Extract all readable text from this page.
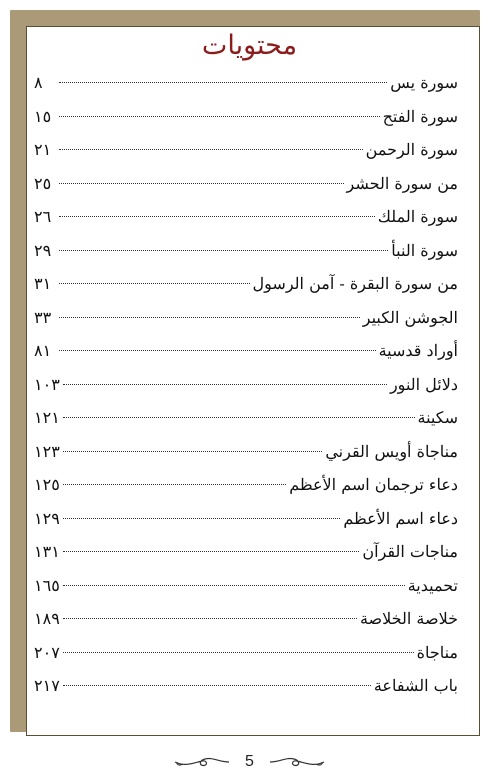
محتويات
سورة يس
٨
سورة الفتح
١٥
سورة الرحمن
٢١
من سورة الحشر
٢٥
سورة الملك
٢٦
سورة النبأ
٢٩
من سورة البقرة - آمن الرسول
٣١
الجوشن الكبير
٣٣
أوراد قدسية
٨١
دلائل النور
١٠٣
سكينة
١٢١
مناجاة أويس القرني
١٢٣
دعاء ترجمان اسم الأعظم
١٢٥
دعاء اسم الأعظم
١٢٩
مناجات القرآن
١٣١
تحميدية
١٦٥
خلاصة الخلاصة
١٨٩
مناجاة
٢٠٧
باب الشفاعة
٢١٧
5
